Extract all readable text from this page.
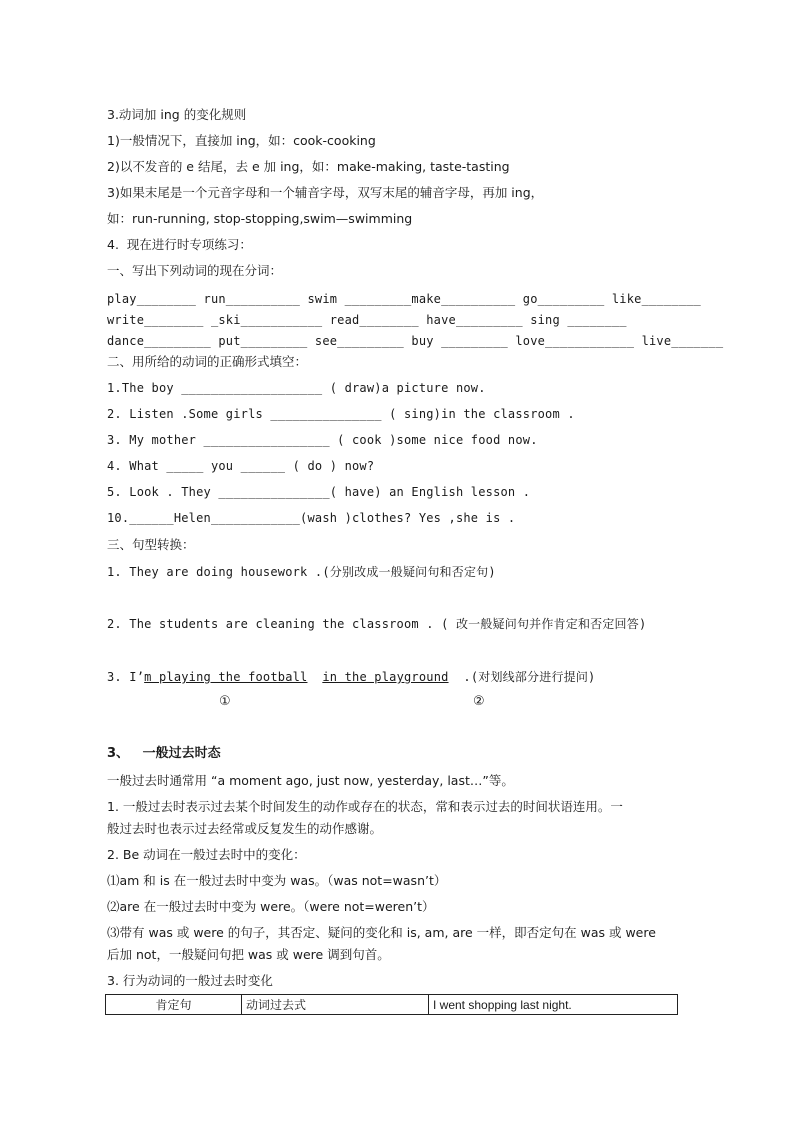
3.动词加 ing 的变化规则
1)一般情况下，直接加 ing，如：cook-cooking
2)以不发音的 e 结尾，去 e 加 ing，如：make-making, taste-tasting
3)如果末尾是一个元音字母和一个辅音字母，双写末尾的辅音字母，再加 ing，
如：run-running, stop-stopping,swim—swimming
4.  现在进行时专项练习：
一、写出下列动词的现在分词：
play________ run__________ swim _________make__________ go_________ like________
write________ _ski___________ read________ have_________ sing ________
dance_________ put_________ see_________ buy _________ love____________ live_______
二、用所给的动词的正确形式填空：
1.The boy ___________________ ( draw)a picture now.
2. Listen .Some girls _______________ ( sing)in the classroom .
3. My mother _________________ ( cook )some nice food now.
4. What _____ you ______ ( do ) now?
5. Look . They _______________( have) an English lesson .
10.______Helen____________(wash )clothes? Yes ,she is .
三、句型转换：
1. They are doing housework .(分别改成一般疑问句和否定句)
2. The students are cleaning the classroom . ( 改一般疑问句并作肯定和否定回答)
3. I’m playing the football in the playground  .(对划线部分进行提问)
①	②
3、   一般过去时态
一般过去时通常用 “a moment ago, just now, yesterday, last…”等。
1. 一般过去时表示过去某个时间发生的动作或存在的状态，常和表示过去的时间状语连用。一
般过去时也表示过去经常或反复发生的动作感谢。
2. Be 动词在一般过去时中的变化：
⑴am 和 is 在一般过去时中变为 was。（was not=wasn’t）
⑵are 在一般过去时中变为 were。（were not=weren’t）
⑶带有 was 或 were 的句子，其否定、疑问的变化和 is, am, are 一样，即否定句在 was 或 were
后加 not，一般疑问句把 was 或 were 调到句首。
3. 行为动词的一般过去时变化
肯定句	动词过去式	I went shopping last night.
